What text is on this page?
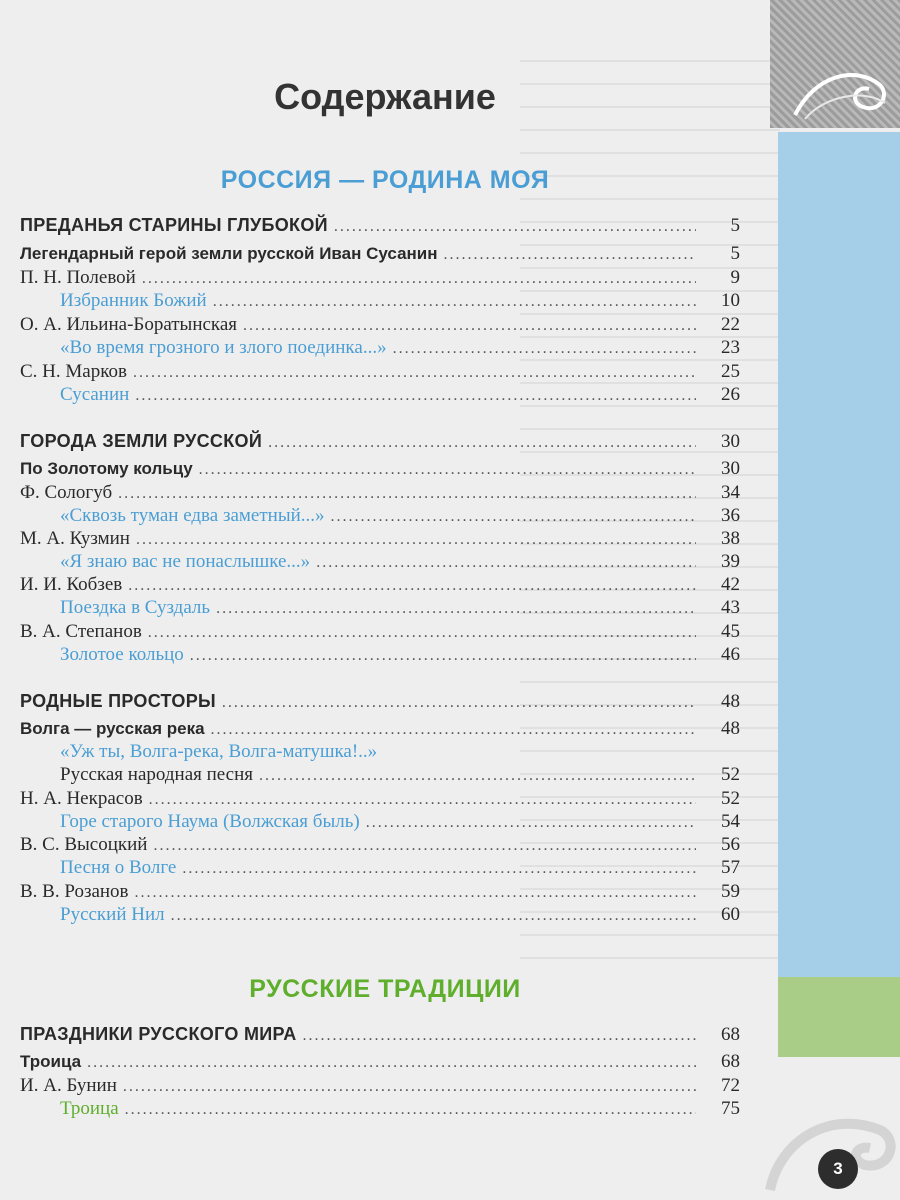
3
Содержание
РОССИЯ — РОДИНА МОЯ
ПРЕДАНЬЯ СТАРИНЫ ГЛУБОКОЙ .....	5
Легендарный герой земли русской Иван Сусанин .....	5
П. Н. Полевой .....	9
Избранник Божий .....	10
О. А. Ильина-Боратынская .....	22
«Во время грозного и злого поединка...» .....	23
С. Н. Марков .....	25
Сусанин .....	26
ГОРОДА ЗЕМЛИ РУССКОЙ .....	30
По Золотому кольцу .....	30
Ф. Сологуб .....	34
«Сквозь туман едва заметный...» .....	36
М. А. Кузмин .....	38
«Я знаю вас не понаслышке...» .....	39
И. И. Кобзев .....	42
Поездка в Суздаль .....	43
В. А. Степанов .....	45
Золотое кольцо .....	46
РОДНЫЕ ПРОСТОРЫ .....	48
Волга — русская река .....	48
«Уж ты, Волга-река, Волга-матушка!..»
Русская народная песня .....	52
Н. А. Некрасов .....	52
Горе старого Наума (Волжская быль) .....	54
В. С. Высоцкий .....	56
Песня о Волге .....	57
В. В. Розанов .....	59
Русский Нил .....	60
РУССКИЕ ТРАДИЦИИ
ПРАЗДНИКИ РУССКОГО МИРА .....	68
Троица .....	68
И. А. Бунин .....	72
Троица .....	75
